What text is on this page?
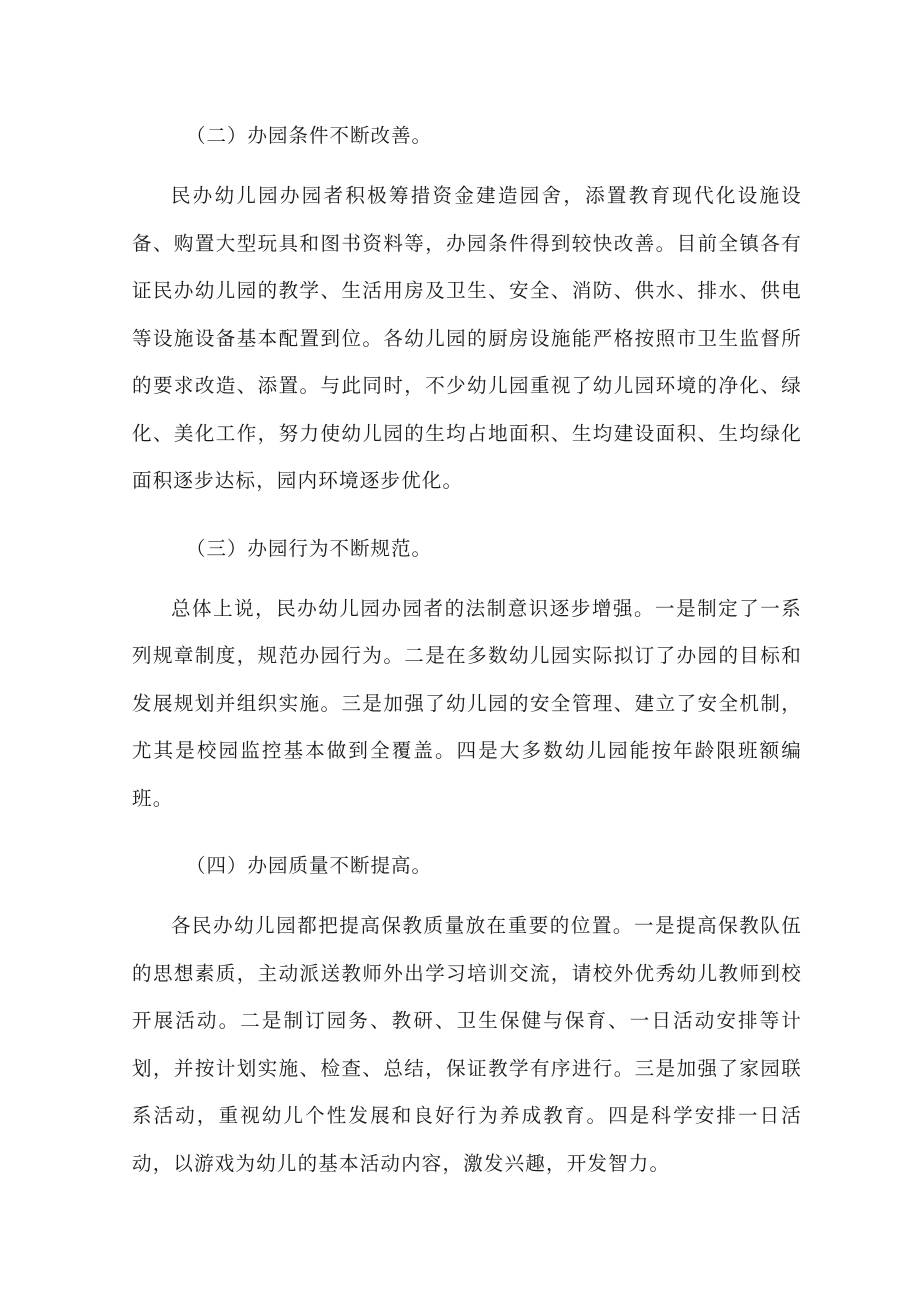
（二）办园条件不断改善。

民办幼儿园办园者积极筹措资金建造园舍，添置教育现代化设施设备、购置大型玩具和图书资料等，办园条件得到较快改善。目前全镇各有证民办幼儿园的教学、生活用房及卫生、安全、消防、供水、排水、供电等设施设备基本配置到位。各幼儿园的厨房设施能严格按照市卫生监督所的要求改造、添置。与此同时，不少幼儿园重视了幼儿园环境的净化、绿化、美化工作，努力使幼儿园的生均占地面积、生均建设面积、生均绿化面积逐步达标，园内环境逐步优化。

（三）办园行为不断规范。

总体上说，民办幼儿园办园者的法制意识逐步增强。一是制定了一系列规章制度，规范办园行为。二是在多数幼儿园实际拟订了办园的目标和发展规划并组织实施。三是加强了幼儿园的安全管理、建立了安全机制，尤其是校园监控基本做到全覆盖。四是大多数幼儿园能按年龄限班额编班。

（四）办园质量不断提高。

各民办幼儿园都把提高保教质量放在重要的位置。一是提高保教队伍的思想素质，主动派送教师外出学习培训交流，请校外优秀幼儿教师到校开展活动。二是制订园务、教研、卫生保健与保育、一日活动安排等计划，并按计划实施、检查、总结，保证教学有序进行。三是加强了家园联系活动，重视幼儿个性发展和良好行为养成教育。四是科学安排一日活动，以游戏为幼儿的基本活动内容，激发兴趣，开发智力。
